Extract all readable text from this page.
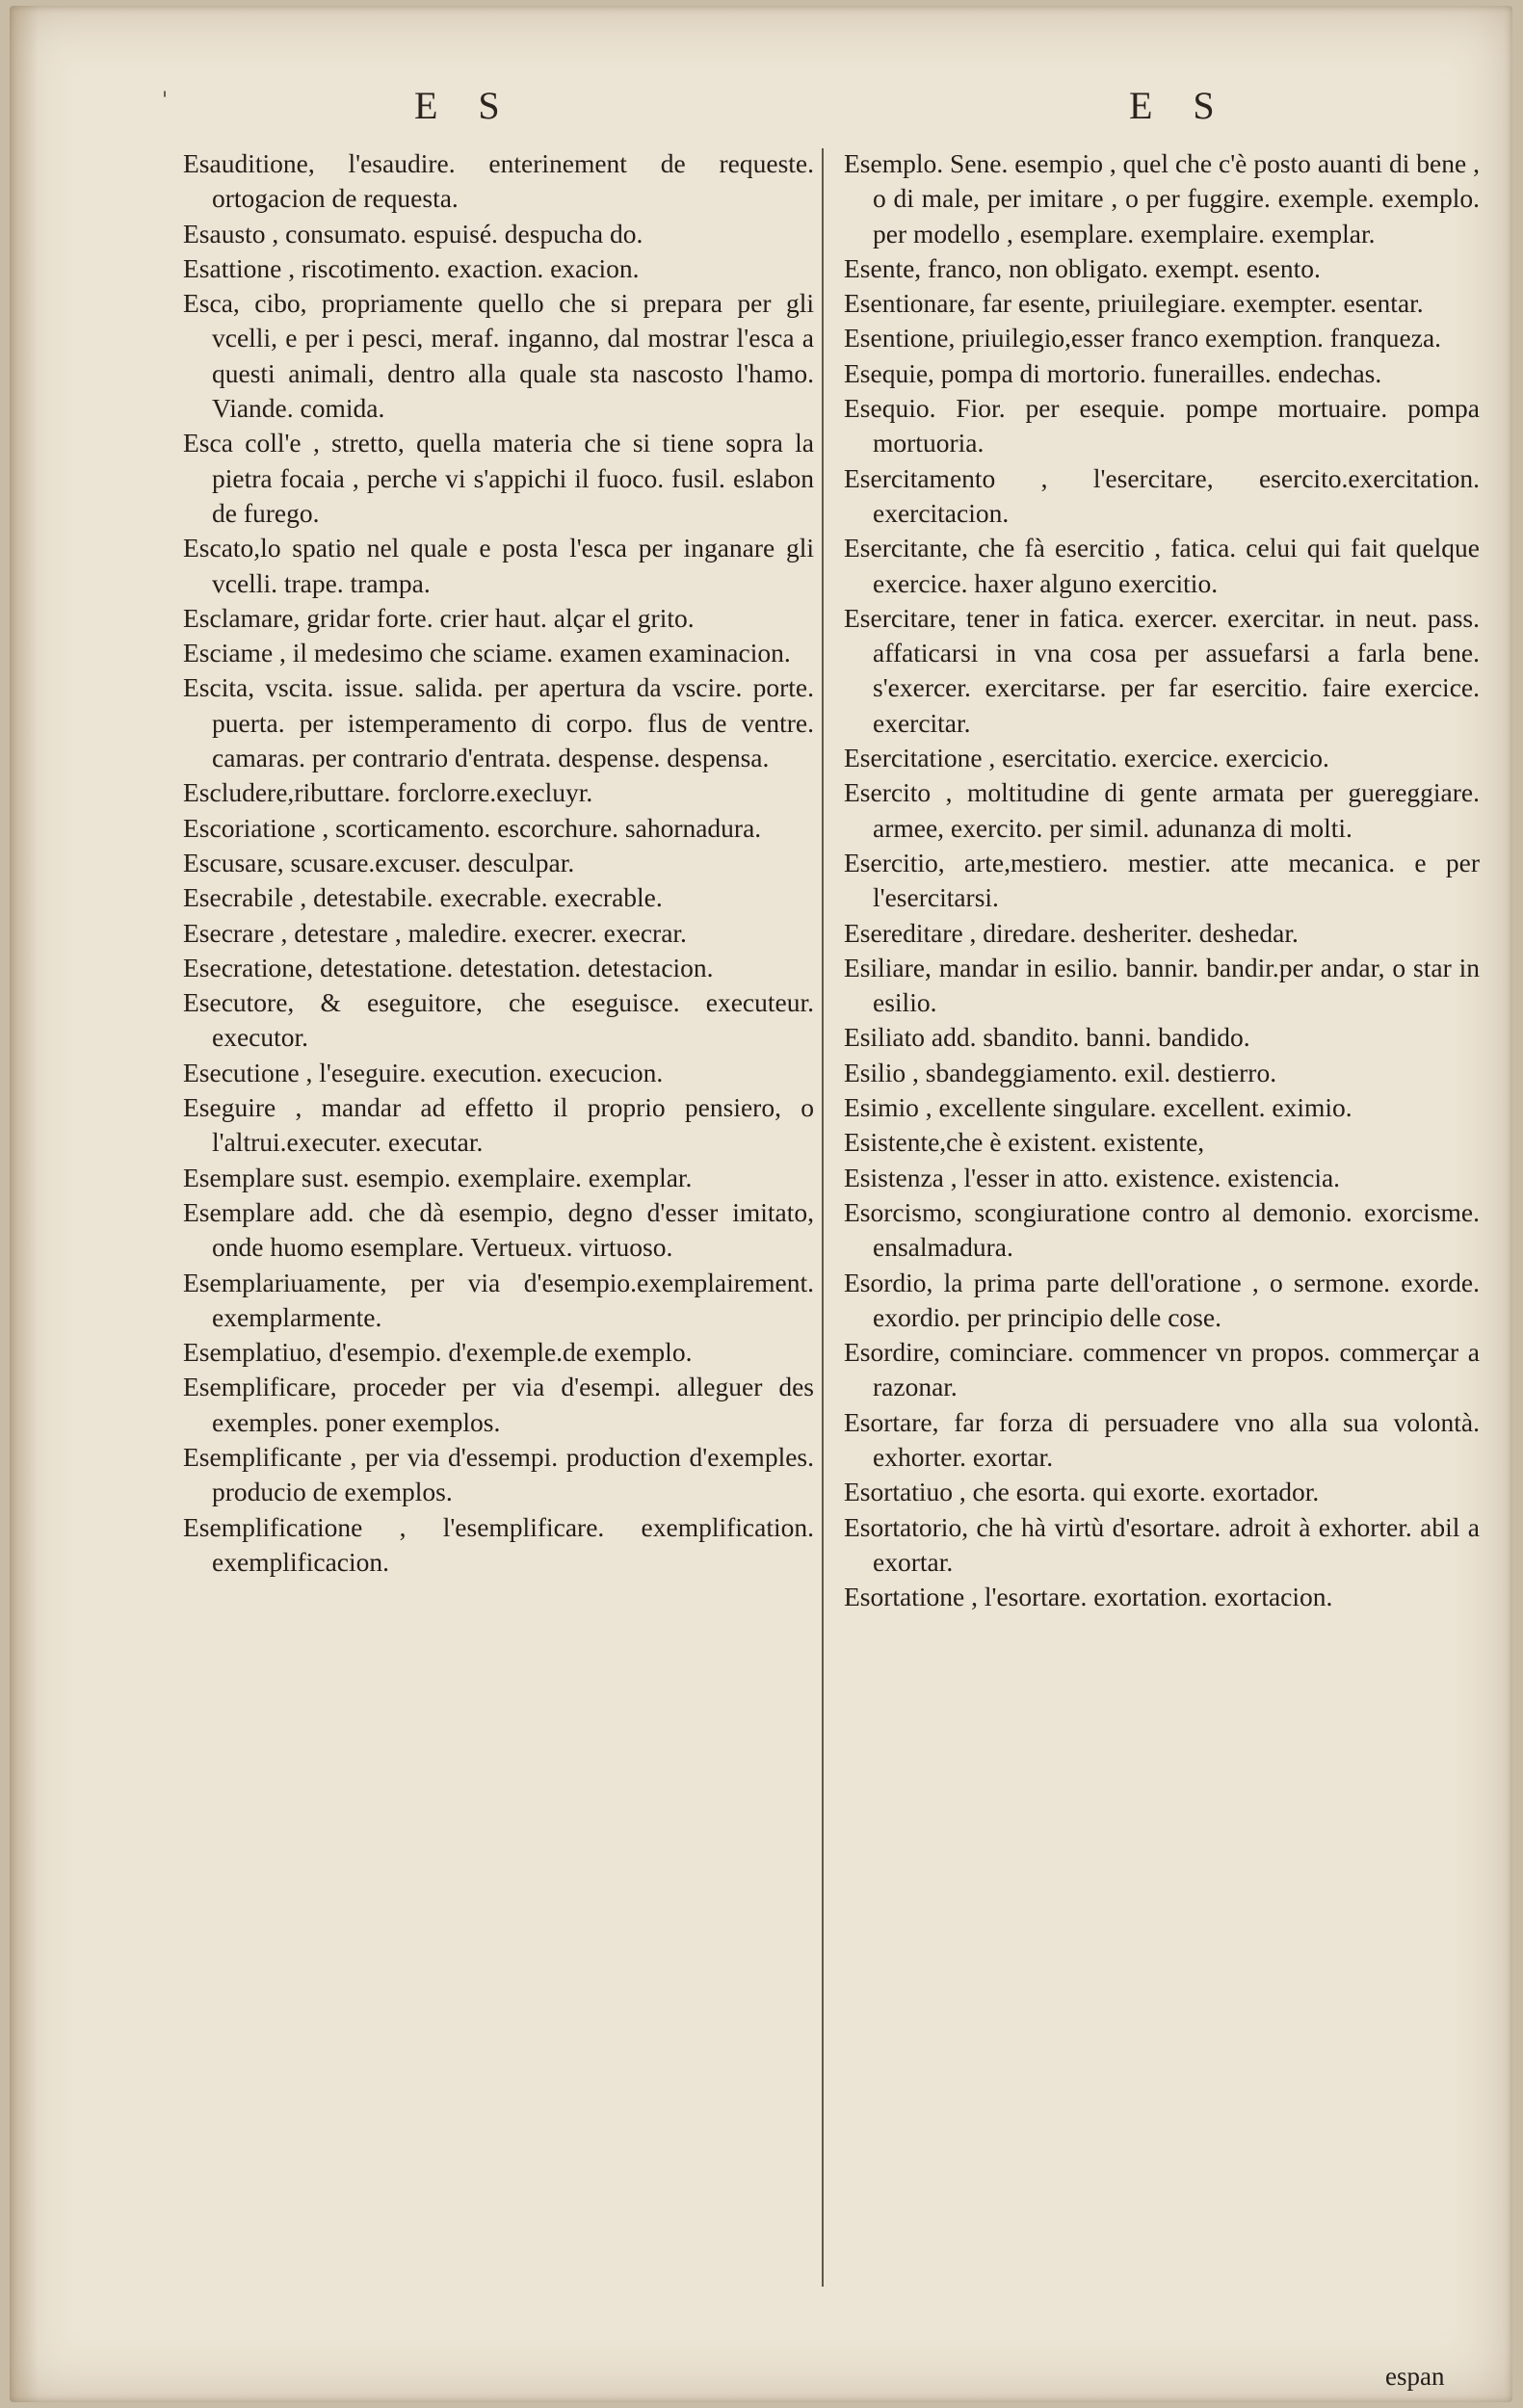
'	E S	E S

Esauditione, l'esaudire. enterinement de requeste. ortogacion de requesta.

Esausto , consumato. espuisé. despucha do.

Esattione , riscotimento. exaction. exacion.

Esca, cibo, propriamente quello che si prepara per gli vcelli, e per i pesci, meraf. inganno, dal mostrar l'esca a questi animali, dentro alla quale sta nascosto l'hamo. Viande. comida.

Esca coll'e , stretto, quella materia che si tiene sopra la pietra focaia , perche vi s'appichi il fuoco. fusil. eslabon de furego.

Escato,lo spatio nel quale e posta l'esca per inganare gli vcelli. trape. trampa.

Esclamare, gridar forte. crier haut. alçar el grito.

Esciame , il medesimo che sciame. examen examinacion.

Escita, vscita. issue. salida. per apertura da vscire. porte. puerta. per istemperamento di corpo. flus de ventre. camaras. per contrario d'entrata. despense. despensa.

Escludere,ributtare. forclorre.execluyr.

Escoriatione , scorticamento. escorchure. sahornadura.

Escusare, scusare.excuser. desculpar.

Esecrabile , detestabile. execrable. execrable.

Esecrare , detestare , maledire. execrer. execrar.

Esecratione, detestatione. detestation. detestacion.

Esecutore, & eseguitore, che eseguisce. executeur. executor.

Esecutione , l'eseguire. execution. execucion.

Eseguire , mandar ad effetto il proprio pensiero, o l'altrui.executer. executar.

Esemplare sust. esempio. exemplaire. exemplar.

Esemplare add. che dà esempio, degno d'esser imitato, onde huomo esemplare. Vertueux. virtuoso.

Esemplariuamente, per via d'esempio.exemplairement. exemplarmente.

Esemplatiuo, d'esempio. d'exemple.de exemplo.

Esemplificare, proceder per via d'esempi. alleguer des exemples. poner exemplos.

Esemplificante , per via d'essempi. production d'exemples. producio de exemplos.

Esemplificatione , l'esemplificare. exemplification. exemplificacion.

Esemplo. Sene. esempio , quel che c'è posto auanti di bene , o di male, per imitare , o per fuggire. exemple. exemplo. per modello , esemplare. exemplaire. exemplar.

Esente, franco, non obligato. exempt. esento.

Esentionare, far esente, priuilegiare. exempter. esentar.

Esentione, priuilegio,esser franco exemption. franqueza.

Esequie, pompa di mortorio. funerailles. endechas.

Esequio. Fior. per esequie. pompe mortuaire. pompa mortuoria.

Esercitamento , l'esercitare, esercito.exercitation. exercitacion.

Esercitante, che fà esercitio , fatica. celui qui fait quelque exercice. haxer alguno exercitio.

Esercitare, tener in fatica. exercer. exercitar. in neut. pass. affaticarsi in vna cosa per assuefarsi a farla bene. s'exercer. exercitarse. per far esercitio. faire exercice. exercitar.

Esercitatione , esercitatio. exercice. exercicio.

Esercito , moltitudine di gente armata per guereggiare. armee, exercito. per simil. adunanza di molti.

Esercitio, arte,mestiero. mestier. atte mecanica. e per l'esercitarsi.

Esereditare , diredare. desheriter. deshedar.

Esiliare, mandar in esilio. bannir. bandir.per andar, o star in esilio.

Esiliato add. sbandito. banni. bandido.

Esilio , sbandeggiamento. exil. destierro.

Esimio , excellente singulare. excellent. eximio.

Esistente,che è existent. existente,

Esistenza , l'esser in atto. existence. existencia.

Esorcismo, scongiuratione contro al demonio. exorcisme. ensalmadura.

Esordio, la prima parte dell'oratione , o sermone. exorde. exordio. per principio delle cose.

Esordire, cominciare. commencer vn propos. commerçar a razonar.

Esortare, far forza di persuadere vno alla sua volontà. exhorter. exortar.

Esortatiuo , che esorta. qui exorte. exortador.

Esortatorio, che hà virtù d'esortare. adroit à exhorter. abil a exortar.

Esortatione , l'esortare. exortation. exortacion.

espan
